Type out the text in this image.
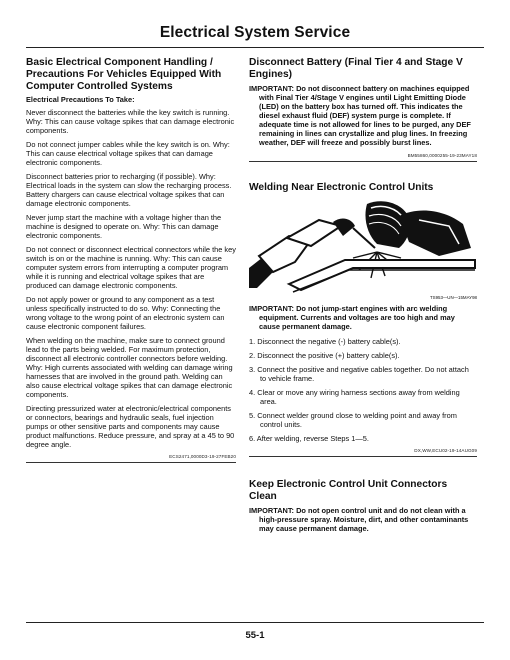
Electrical System Service
Basic Electrical Component Handling / Precautions For Vehicles Equipped With Computer Controlled Systems
Electrical Precautions To Take:

Never disconnect the batteries while the key switch is running. Why: This can cause voltage spikes that can damage electronic components.

Do not connect jumper cables while the key switch is on. Why: This can cause electrical voltage spikes that can damage electronic components.

Disconnect batteries prior to recharging (if possible). Why: Electrical loads in the system can slow the recharging process. Battery chargers can cause electrical voltage spikes that can damage electronic components.

Never jump start the machine with a voltage higher than the machine is designed to operate on. Why: This can damage electronic components.

Do not connect or disconnect electrical connectors while the key switch is on or the machine is running. Why: This can cause computer system errors from interrupting a computer program while it is running and electrical voltage spikes that are produced can damage electronic components.

Do not apply power or ground to any component as a test unless specifically instructed to do so. Why: Connecting the wrong voltage to the wrong point of an electronic system can cause electronic component failures.

When welding on the machine, make sure to connect ground lead to the parts being welded. For maximum protection, disconnect all electronic controller connectors before welding. Why: High currents associated with welding can damage wiring harnesses that are involved in the ground path. Welding can also cause electrical voltage spikes that can damage electronic components.

Directing pressurized water at electronic/electrical components or connectors, bearings and hydraulic seals, fuel injection pumps or other sensitive parts and components may cause product malfunctions. Reduce pressure, and spray at a 45 to 90 degree angle.

ECS2471,0000D3-19-27FEB20
Disconnect Battery (Final Tier 4 and Stage V Engines)
IMPORTANT: Do not disconnect battery on machines equipped with Final Tier 4/Stage V engines until Light Emitting Diode (LED) on the battery box has turned off. This indicates the diesel exhaust fluid (DEF) system purge is complete. If adequate time is not allowed for lines to be purged, any DEF remaining in lines can crystallize and plug lines. In freezing weather, DEF will freeze and possibly burst lines.
BM55860,0000255-19-23MAY18
Welding Near Electronic Control Units
TS953—UN—15MAY98
IMPORTANT: Do not jump-start engines with arc welding equipment. Currents and voltages are too high and may cause permanent damage.
1. Disconnect the negative (-) battery cable(s).
2. Disconnect the positive (+) battery cable(s).
3. Connect the positive and negative cables together. Do not attach to vehicle frame.
4. Clear or move any wiring harness sections away from welding area.
5. Connect welder ground close to welding point and away from control units.
6. After welding, reverse Steps 1—5.
DX,WW,ECU02-19-14AUG09
Keep Electronic Control Unit Connectors Clean
IMPORTANT: Do not open control unit and do not clean with a high-pressure spray. Moisture, dirt, and other contaminants may cause permanent damage.
55-1
